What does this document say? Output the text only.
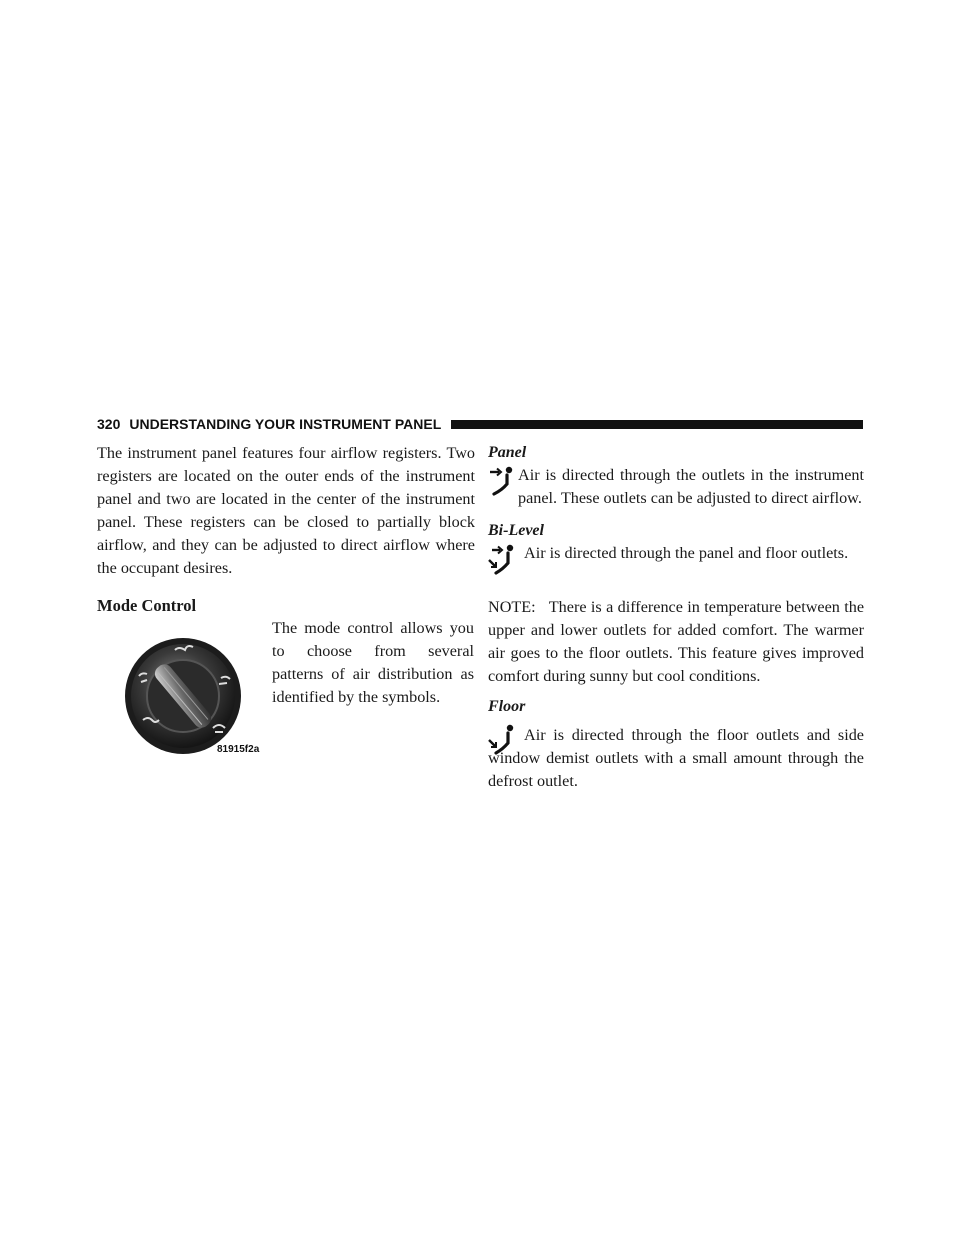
320 UNDERSTANDING YOUR INSTRUMENT PANEL

The instrument panel features four airflow registers. Two registers are located on the outer ends of the instrument panel and two are located in the center of the instrument panel. These registers can be closed to partially block airflow, and they can be adjusted to direct airflow where the occupant desires.

Mode Control

The mode control allows you to choose from several patterns of air distribution as identified by the symbols.

81915f2a
Panel

Air is directed through the outlets in the instrument panel. These outlets can be adjusted to direct airflow.

Bi-Level

Air is directed through the panel and floor outlets.

NOTE: There is a difference in temperature between the upper and lower outlets for added comfort. The warmer air goes to the floor outlets. This feature gives improved comfort during sunny but cool conditions.

Floor

Air is directed through the floor outlets and side window demist outlets with a small amount through the defrost outlet.
